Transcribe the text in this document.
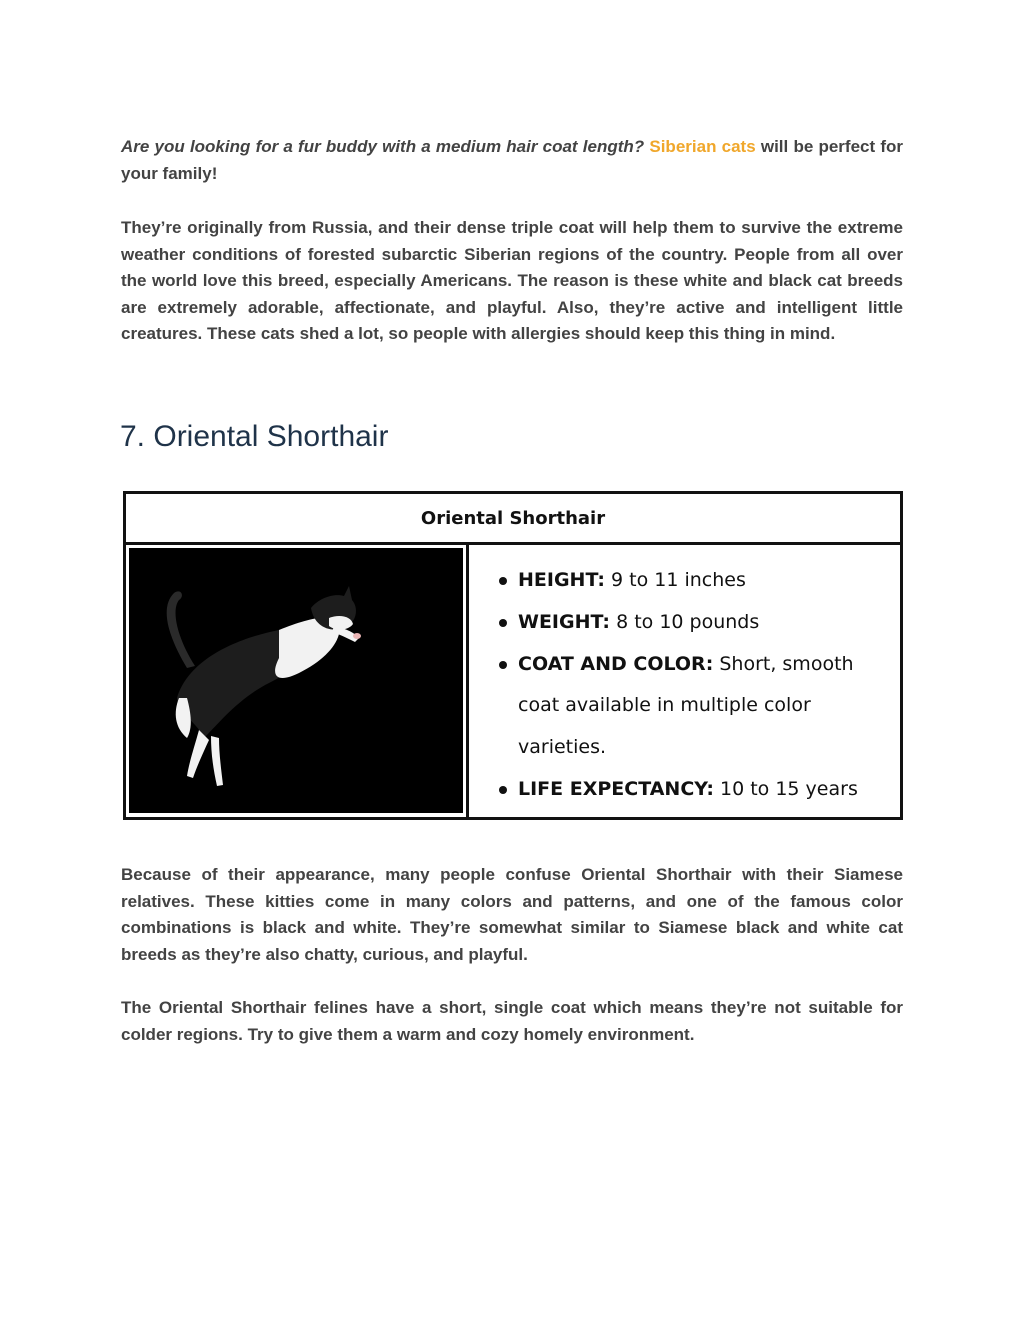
Are you looking for a fur buddy with a medium hair coat length? Siberian cats will be perfect for your family!

They’re originally from Russia, and their dense triple coat will help them to survive the extreme weather conditions of forested subarctic Siberian regions of the country. People from all over the world love this breed, especially Americans. The reason is these white and black cat breeds are extremely adorable, affectionate, and playful. Also, they’re active and intelligent little creatures. These cats shed a lot, so people with allergies should keep this thing in mind.

7. Oriental Shorthair
Oriental Shorthair
HEIGHT: 9 to 11 inches
WEIGHT: 8 to 10 pounds
COAT AND COLOR: Short, smooth coat available in multiple color varieties.
LIFE EXPECTANCY: 10 to 15 years

Because of their appearance, many people confuse Oriental Shorthair with their Siamese relatives. These kitties come in many colors and patterns, and one of the famous color combinations is black and white. They’re somewhat similar to Siamese black and white cat breeds as they’re also chatty, curious, and playful.

The Oriental Shorthair felines have a short, single coat which means they’re not suitable for colder regions. Try to give them a warm and cozy homely environment.
